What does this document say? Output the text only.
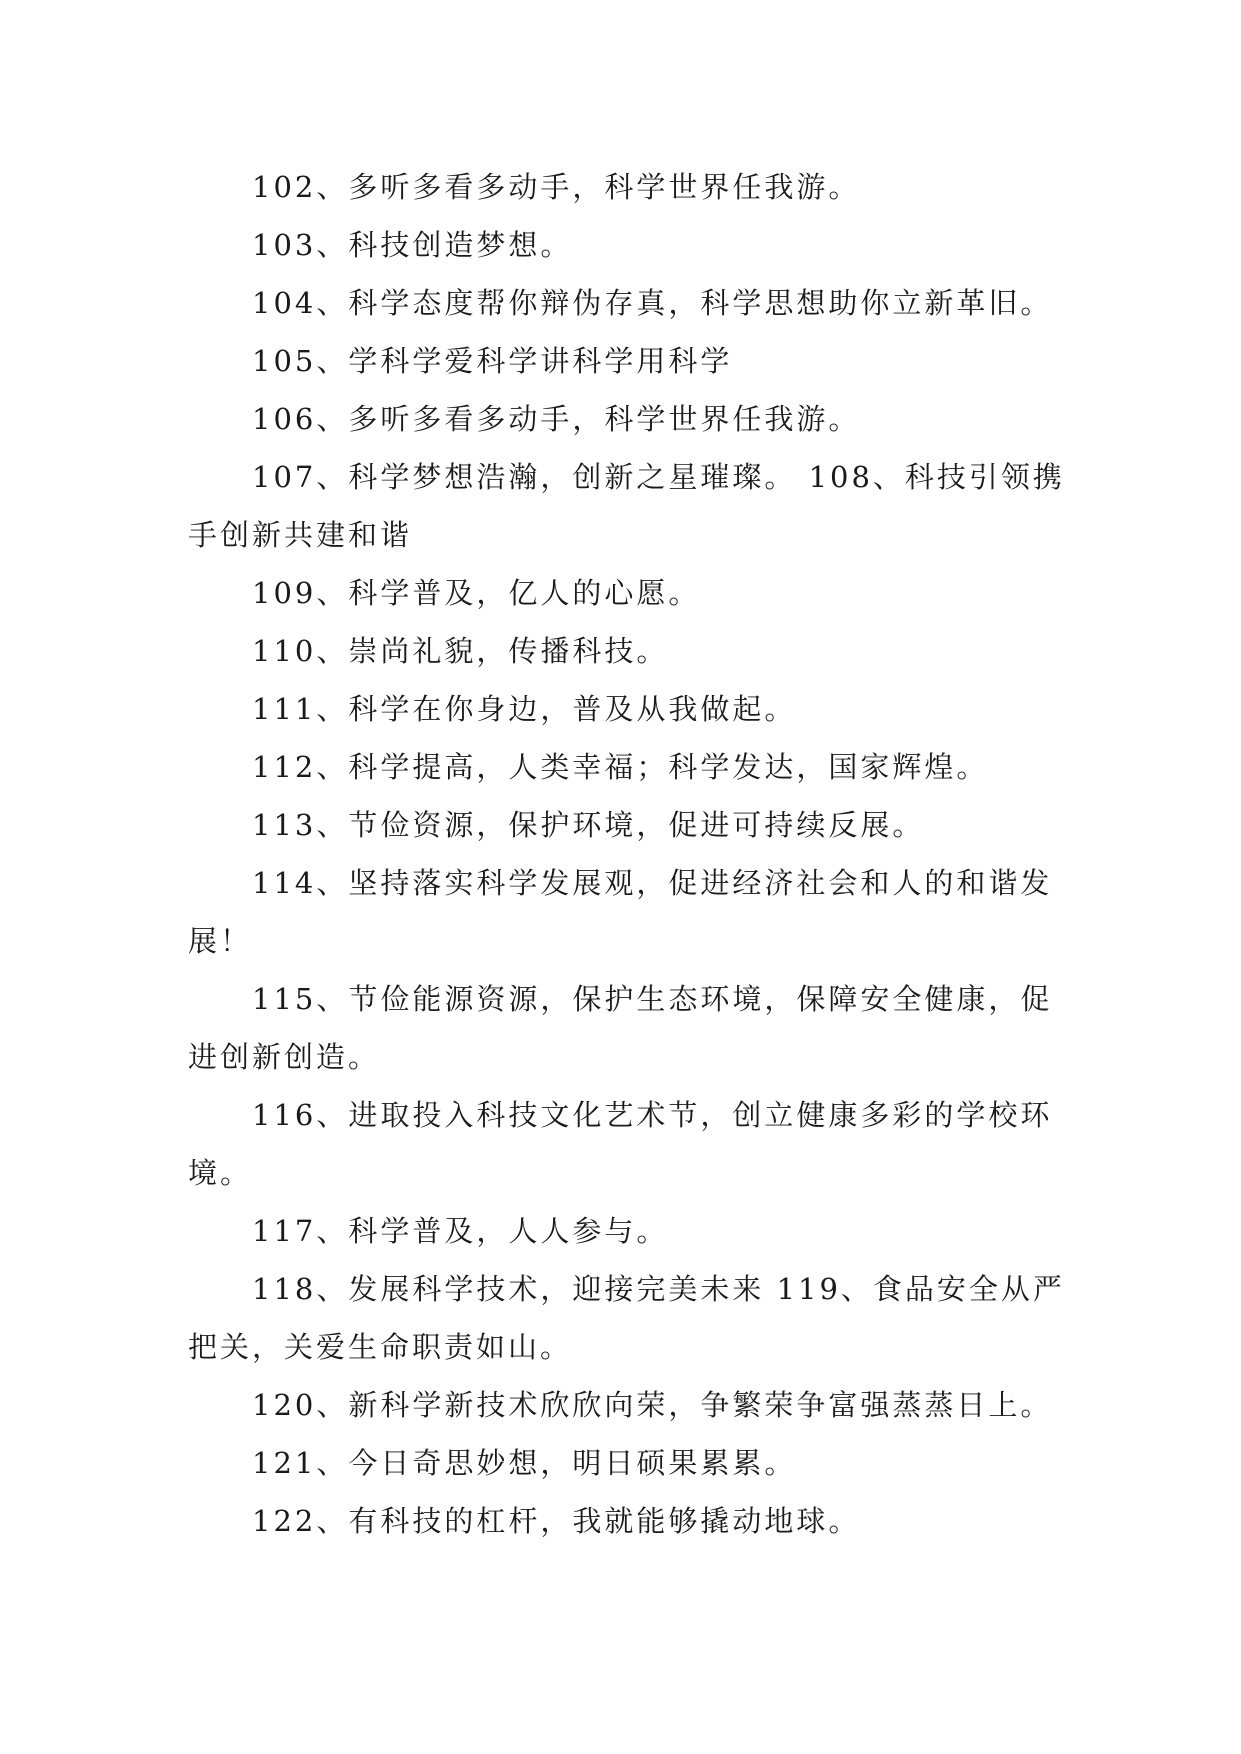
102、多听多看多动手，科学世界任我游。

103、科技创造梦想。

104、科学态度帮你辩伪存真，科学思想助你立新革旧。

105、学科学爱科学讲科学用科学

106、多听多看多动手，科学世界任我游。

107、科学梦想浩瀚，创新之星璀璨。 108、科技引领携手创新共建和谐

109、科学普及，亿人的心愿。

110、崇尚礼貌，传播科技。

111、科学在你身边，普及从我做起。

112、科学提高，人类幸福；科学发达，国家辉煌。

113、节俭资源，保护环境，促进可持续反展。

114、坚持落实科学发展观，促进经济社会和人的和谐发展！

115、节俭能源资源，保护生态环境，保障安全健康，促进创新创造。

116、进取投入科技文化艺术节，创立健康多彩的学校环境。

117、科学普及，人人参与。

118、发展科学技术，迎接完美未来 119、食品安全从严把关，关爱生命职责如山。

120、新科学新技术欣欣向荣，争繁荣争富强蒸蒸日上。

121、今日奇思妙想，明日硕果累累。

122、有科技的杠杆，我就能够撬动地球。
